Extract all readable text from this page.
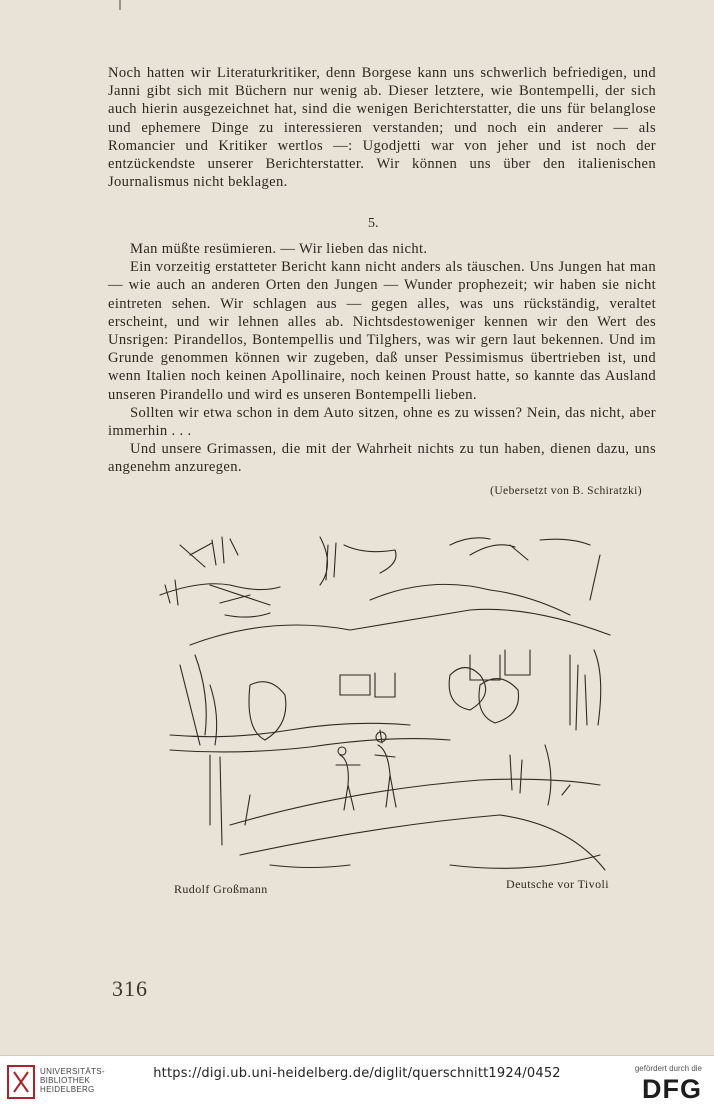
Noch hatten wir Literaturkritiker, denn Borgese kann uns schwerlich befriedigen, und Janni gibt sich mit Büchern nur wenig ab. Dieser letztere, wie Bontempelli, der sich auch hierin ausgezeichnet hat, sind die wenigen Berichterstatter, die uns für belanglose und ephemere Dinge zu interessieren verstanden; und noch ein anderer — als Romancier und Kritiker wertlos —: Ugodjetti war von jeher und ist noch der entzückendste unserer Berichterstatter. Wir können uns über den italienischen Journalismus nicht beklagen.

5.

Man müßte resümieren. — Wir lieben das nicht.

Ein vorzeitig erstatteter Bericht kann nicht anders als täuschen. Uns Jungen hat man — wie auch an anderen Orten den Jungen — Wunder prophezeit; wir haben sie nicht eintreten sehen. Wir schlagen aus — gegen alles, was uns rückständig, veraltet erscheint, und wir lehnen alles ab. Nichtsdestoweniger kennen wir den Wert des Unsrigen: Pirandellos, Bontempellis und Tilghers, was wir gern laut bekennen. Und im Grunde genommen können wir zugeben, daß unser Pessimismus übertrieben ist, und wenn Italien noch keinen Apollinaire, noch keinen Proust hatte, so kannte das Ausland unseren Pirandello und wird es unseren Bontempelli lieben.

Sollten wir etwa schon in dem Auto sitzen, ohne es zu wissen? Nein, das nicht, aber immerhin . . .

Und unsere Grimassen, die mit der Wahrheit nichts zu tun haben, dienen dazu, uns angenehm anzuregen.

(Uebersetzt von B. Schiratzki)
Rudolf Großmann	Deutsche vor Tivoli
316
UNIVERSITÄTS-
BIBLIOTHEK
HEIDELBERG
https://digi.ub.uni-heidelberg.de/diglit/querschnitt1924/0452	gefördert durch die
DFG
